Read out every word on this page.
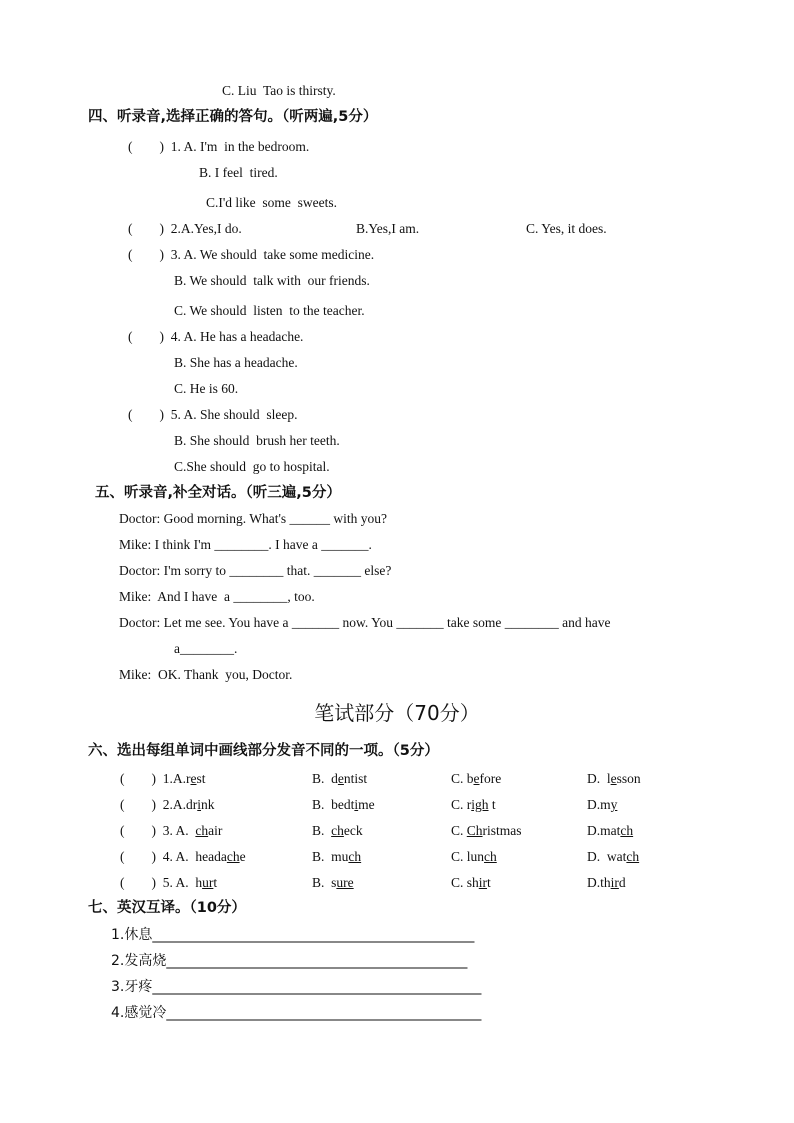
C. Liu  Tao is thirsty.
四、听录音,选择正确的答句。（听两遍,5分）
(        )  1. A. I'm  in the bedroom.
B. I feel  tired.
C.I'd like  some  sweets.
(        )  2.A.Yes,I do.	B.Yes,I am.	C. Yes, it does.
(        )  3. A. We should  take some medicine.
B. We should  talk with  our friends.
C. We should  listen  to the teacher.
(        )  4. A. He has a headache.
B. She has a headache.
C. He is 60.
(        )  5. A. She should  sleep.
B. She should  brush her teeth.
C.She should  go to hospital.
五、听录音,补全对话。（听三遍,5分）
Doctor: Good morning. What's ______ with you?
Mike: I think I'm ________. I have a _______.
Doctor: I'm sorry to ________ that. _______ else?
Mike:  And I have  a ________, too.
Doctor: Let me see. You have a _______ now. You _______ take some ________ and have
a________.
Mike:  OK. Thank  you, Doctor.
笔试部分（70分）
六、选出每组单词中画线部分发音不同的一项。（5分）
(        )  1.A.rest	B.  dentist	C. before	D.  lesson
(        )  2.A.drink	B.  bedtime	C. righ t	D.my
(        )  3. A.  chair	B.  check	C. Christmas	D.match
(        )  4. A.  headache	B.  much	C. lunch	D.  watch
(        )  5. A.  hurt	B.  sure	C. shirt	D.third
七、英汉互译。（10分）
1.休息______________________________________________
2.发高烧___________________________________________
3.牙疼_______________________________________________
4.感觉冷_____________________________________________
